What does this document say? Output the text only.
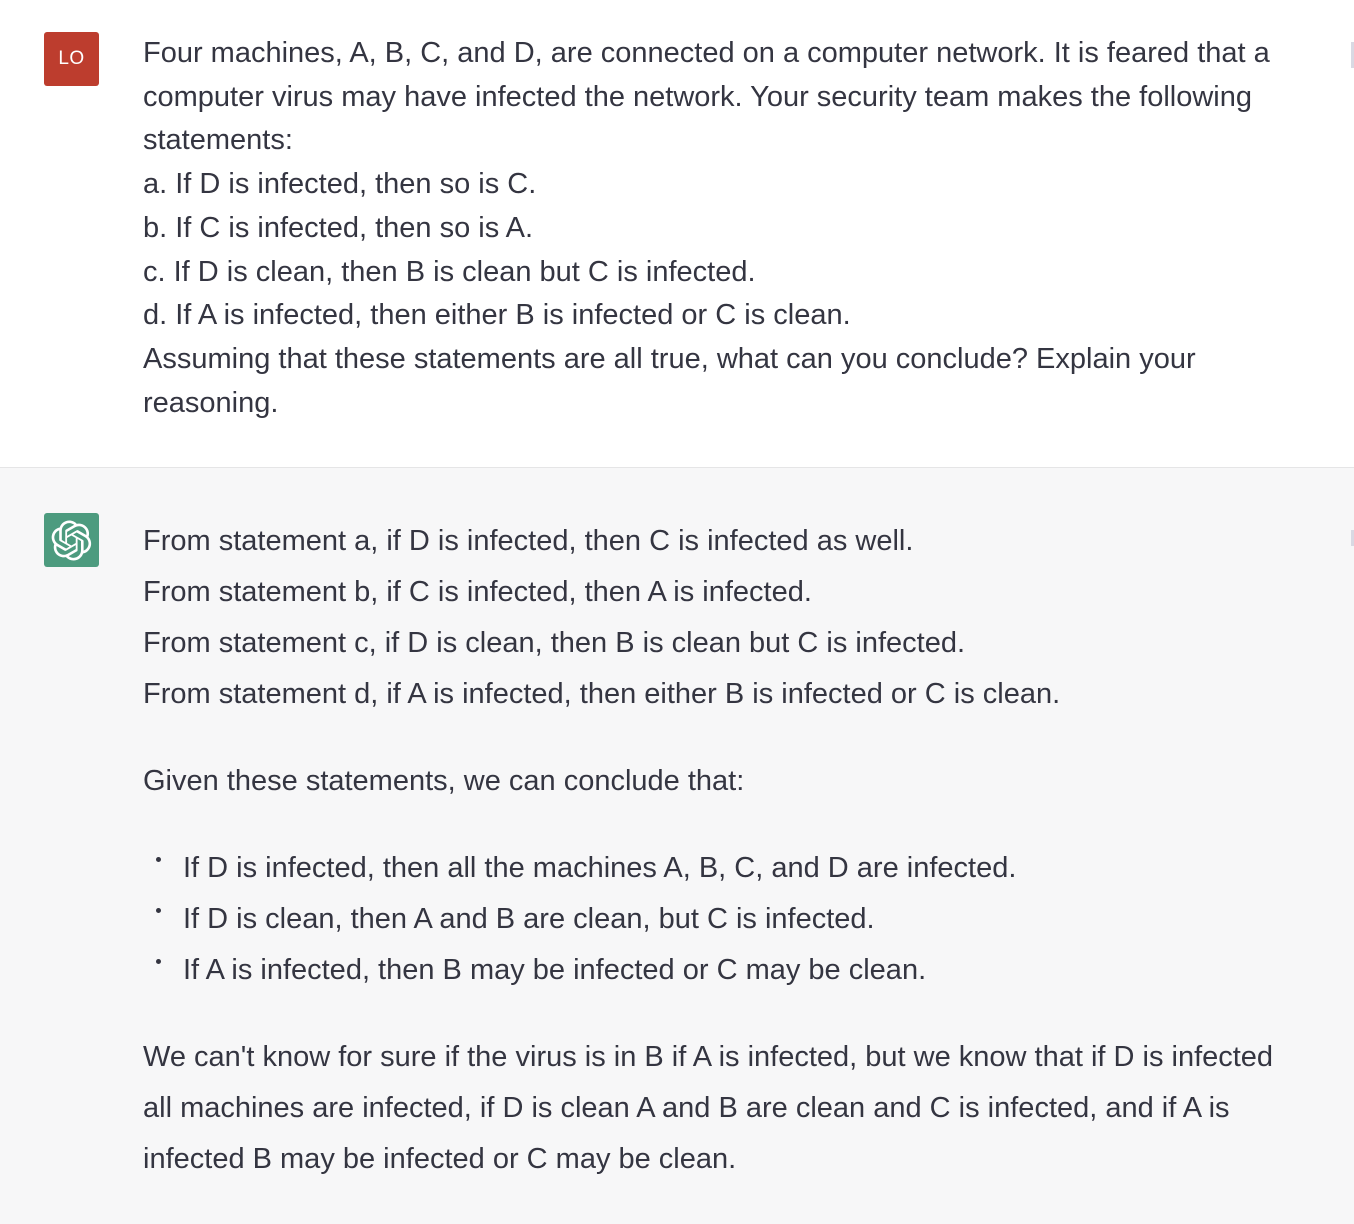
LO Four machines, A, B, C, and D, are connected on a computer network. It is feared that a
computer virus may have infected the network. Your security team makes the following
statements:
a. If D is infected, then so is C.
b. If C is infected, then so is A.
c. If D is clean, then B is clean but C is infected.
d. If A is infected, then either B is infected or C is clean.
Assuming that these statements are all true, what can you conclude? Explain your
reasoning.
From statement a, if D is infected, then C is infected as well.
From statement b, if C is infected, then A is infected.
From statement c, if D is clean, then B is clean but C is infected.
From statement d, if A is infected, then either B is infected or C is clean.
Given these statements, we can conclude that:
If D is infected, then all the machines A, B, C, and D are infected.
If D is clean, then A and B are clean, but C is infected.
If A is infected, then B may be infected or C may be clean.
We can't know for sure if the virus is in B if A is infected, but we know that if D is infected
all machines are infected, if D is clean A and B are clean and C is infected, and if A is
infected B may be infected or C may be clean.
